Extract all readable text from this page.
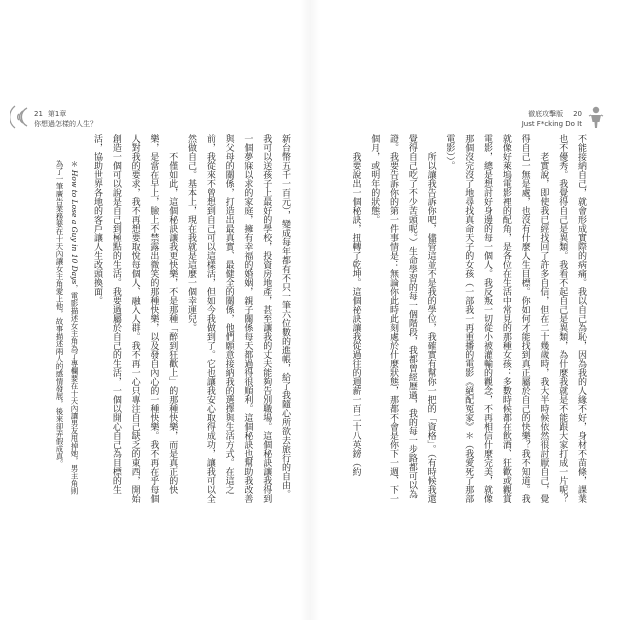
21 第1章
你想過怎樣的人生？
徹底攻擊版 20
Just F*cking Do It

不能接納自己，就會形成實際的病痛。我以自己為恥，因為我的人緣不好，身材不苗條，課業也不優秀。我覺得自己是異類。我看不起自己是異類，為什麼我就是不能跟大家打成一片呢？

老實說，即使我已經找回了許多自信，但在二十幾歲時，我大半時候依然很討厭自己，覺得自己一無是處，也沒有什麼人生目標。你如何才能找到真正屬於自己的快樂？我不知道。我就像好萊塢電影裡的配角，是各位在生活中常見的那種女孩：多數時候都在飲酒、狂歡或觀賞電影，總是想討好身邊的每一個人。我反叛一切從小被灌輸的觀念，不再相信什麼完美，就像那個沒完沒了地尋找真命天子的女孩（一部我一再重播的電影《絕配冤家》＊（我愛死了那部電影））。

所以讓我告訴你吧，儘管這並不是我的學位，我確實有幫你一把的「資格」。（有時候我還覺得自己吃了不少苦頭呢。）生命學習的每一個階段，我都曾經歷過，我的每一步路都可以為證。我要告訴你的第一件事情是：無論你此時此刻處於什麼狀態，那都不會是你下一週、下一個月，或明年的狀態。

我要說出一個秘訣，扭轉了乾坤。這個祕訣讓我從過往的週薪一百二十八英鎊（約

新台幣五千一百元），變成每年都有不只一筆六位數的進帳，給了我隨心所欲去旅行的自由。我可以送孩子上最好的學校，投資房地產，甚至讓我的丈夫能夠告別職場。這個秘訣讓我得到一個夢寐以求的家庭，擁有幸福的婚姻，親子關係每天都過得很順利。這個秘訣也幫助我改善與父母的關係，打造出最真實、最健全的關係，他們願意接納我的選擇與生活方式。在這之前，我從來不曾想到自己可以這樣活，但如今我做到了。它也讓我安心取得成功，讓我可以全然做自己。基本上，現在我就是這麼一個幸運兒。

不僅如此，這個秘訣讓我更快樂，不是那種「醉到狂歡上」的那種快樂，而是真正的快樂，是當在早上，臉上不禁露出微笑的那種快樂，以及發自內心的一種快樂。我不再在乎每個人對我的要求，我不再想要取悅每個人、融入人群。我不再一心只專注自己缺乏的東西，開始創造一個可以說是自己到極點的生活。我要過屬於自己的生活，一個以開心自己為目標的生活，協助世界各地的客戶讓人生改頭換面。

＊ How to Lose a Guy in 10 Days，電影描述女主角為了專欄要在十天內讓男友甩掉她，男主角則為了一筆廣告業務要在十天內讓女主角愛上他，故事描述兩人的感情發展，後來卻弄假成真。
